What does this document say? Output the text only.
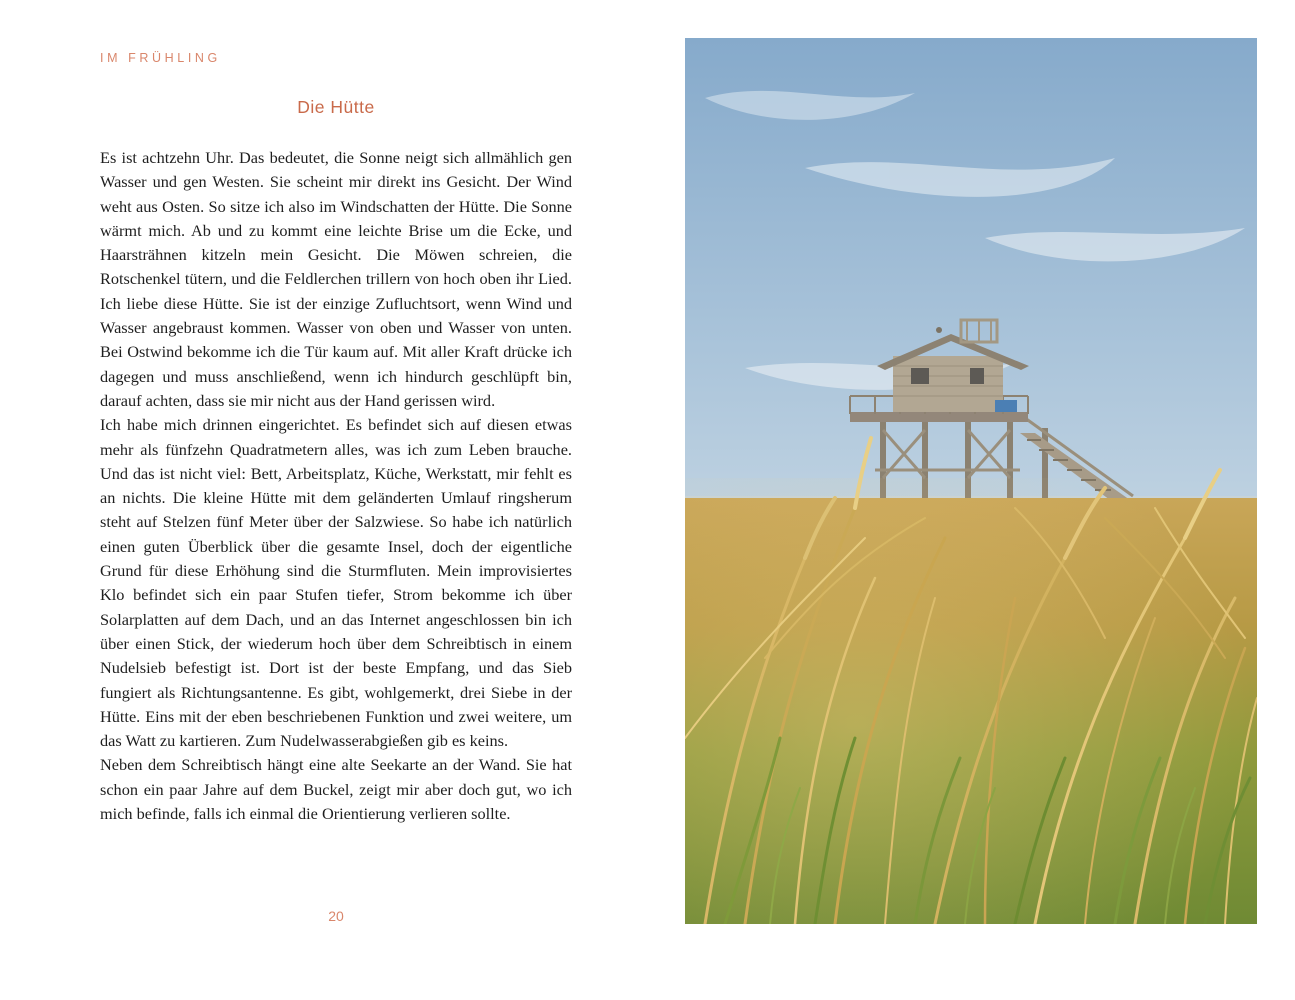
IM FRÜHLING
Die Hütte

Es ist achtzehn Uhr. Das bedeutet, die Sonne neigt sich allmählich gen Wasser und gen Westen. Sie scheint mir direkt ins Gesicht. Der Wind weht aus Osten. So sitze ich also im Windschatten der Hütte. Die Sonne wärmt mich. Ab und zu kommt eine leichte Brise um die Ecke, und Haarsträhnen kitzeln mein Gesicht. Die Möwen schreien, die Rotschenkel tütern, und die Feldlerchen trillern von hoch oben ihr Lied. Ich liebe diese Hütte. Sie ist der einzige Zufluchtsort, wenn Wind und Wasser angebraust kommen. Wasser von oben und Wasser von unten. Bei Ostwind bekomme ich die Tür kaum auf. Mit aller Kraft drücke ich dagegen und muss anschließend, wenn ich hindurch geschlüpft bin, darauf achten, dass sie mir nicht aus der Hand gerissen wird.

Ich habe mich drinnen eingerichtet. Es befindet sich auf diesen etwas mehr als fünfzehn Quadratmetern alles, was ich zum Leben brauche. Und das ist nicht viel: Bett, Arbeitsplatz, Küche, Werkstatt, mir fehlt es an nichts. Die kleine Hütte mit dem geländerten Umlauf ringsherum steht auf Stelzen fünf Meter über der Salzwiese. So habe ich natürlich einen guten Überblick über die gesamte Insel, doch der eigentliche Grund für diese Erhöhung sind die Sturmfluten. Mein improvisiertes Klo befindet sich ein paar Stufen tiefer, Strom bekomme ich über Solarplatten auf dem Dach, und an das Internet angeschlossen bin ich über einen Stick, der wiederum hoch über dem Schreibtisch in einem Nudelsieb befestigt ist. Dort ist der beste Empfang, und das Sieb fungiert als Richtungsantenne. Es gibt, wohlgemerkt, drei Siebe in der Hütte. Eins mit der eben beschriebenen Funktion und zwei weitere, um das Watt zu kartieren. Zum Nudelwasserabgießen gib es keins.

Neben dem Schreibtisch hängt eine alte Seekarte an der Wand. Sie hat schon ein paar Jahre auf dem Buckel, zeigt mir aber doch gut, wo ich mich befinde, falls ich einmal die Orientierung verlieren sollte.

20
